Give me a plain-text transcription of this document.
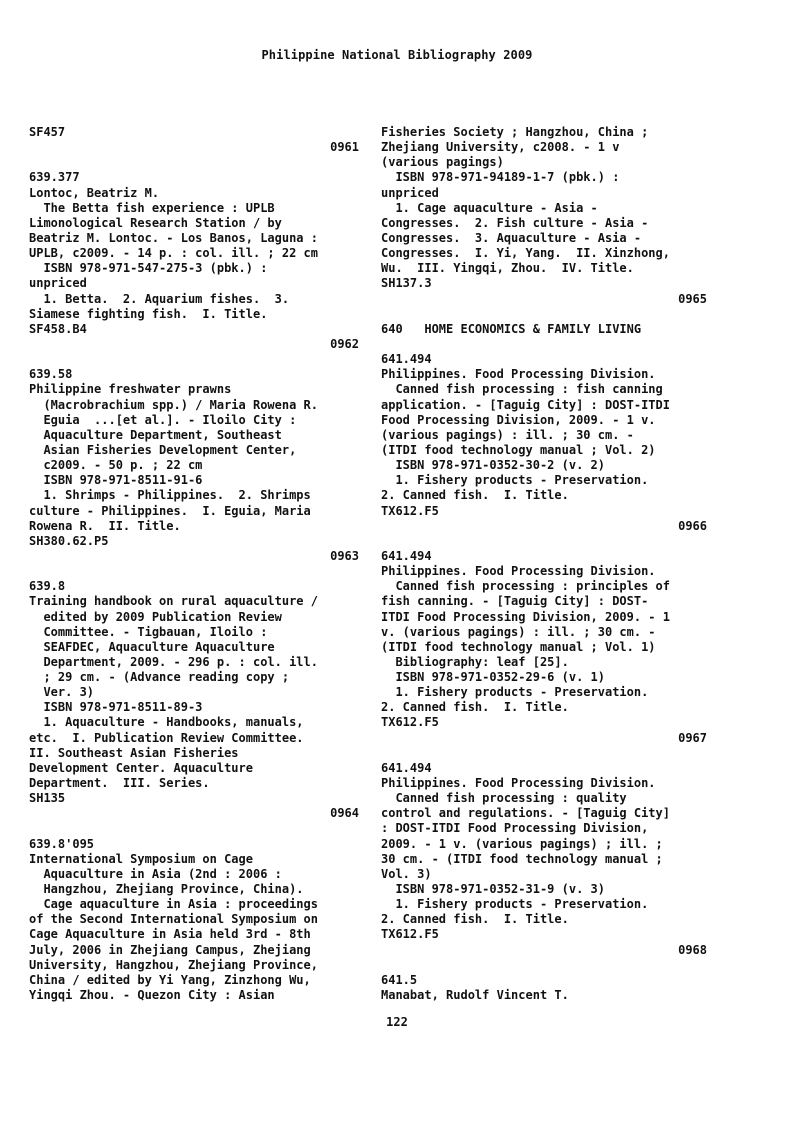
Philippine National Bibliography 2009
SF457
0961
639.377
Lontoc, Beatriz M.
The Betta fish experience : UPLB
Limonological Research Station / by
Beatriz M. Lontoc. - Los Banos, Laguna :
UPLB, c2009. - 14 p. : col. ill. ; 22 cm
ISBN 978-971-547-275-3 (pbk.) :
unpriced
1. Betta.  2. Aquarium fishes.  3.
Siamese fighting fish.  I. Title.
SF458.B4
0962
639.58
Philippine freshwater prawns
(Macrobrachium spp.) / Maria Rowena R.
Eguia  ...[et al.]. - Iloilo City :
Aquaculture Department, Southeast
Asian Fisheries Development Center,
c2009. - 50 p. ; 22 cm
ISBN 978-971-8511-91-6
1. Shrimps - Philippines.  2. Shrimps
culture - Philippines.  I. Eguia, Maria
Rowena R.  II. Title.
SH380.62.P5
0963
639.8
Training handbook on rural aquaculture /
edited by 2009 Publication Review
Committee. - Tigbauan, Iloilo :
SEAFDEC, Aquaculture Aquaculture
Department, 2009. - 296 p. : col. ill.
; 29 cm. - (Advance reading copy ;
Ver. 3)
ISBN 978-971-8511-89-3
1. Aquaculture - Handbooks, manuals,
etc.  I. Publication Review Committee.
II. Southeast Asian Fisheries
Development Center. Aquaculture
Department.  III. Series.
SH135
0964
639.8'095
International Symposium on Cage
Aquaculture in Asia (2nd : 2006 :
Hangzhou, Zhejiang Province, China).
Cage aquaculture in Asia : proceedings
of the Second International Symposium on
Cage Aquaculture in Asia held 3rd - 8th
July, 2006 in Zhejiang Campus, Zhejiang
University, Hangzhou, Zhejiang Province,
China / edited by Yi Yang, Zinzhong Wu,
Yingqi Zhou. - Quezon City : Asian
Fisheries Society ; Hangzhou, China ;
Zhejiang University, c2008. - 1 v
(various pagings)
ISBN 978-971-94189-1-7 (pbk.) :
unpriced
1. Cage aquaculture - Asia -
Congresses.  2. Fish culture - Asia -
Congresses.  3. Aquaculture - Asia -
Congresses.  I. Yi, Yang.  II. Xinzhong,
Wu.  III. Yingqi, Zhou.  IV. Title.
SH137.3
0965
640   HOME ECONOMICS & FAMILY LIVING
641.494
Philippines. Food Processing Division.
Canned fish processing : fish canning
application. - [Taguig City] : DOST-ITDI
Food Processing Division, 2009. - 1 v.
(various pagings) : ill. ; 30 cm. -
(ITDI food technology manual ; Vol. 2)
ISBN 978-971-0352-30-2 (v. 2)
1. Fishery products - Preservation.
2. Canned fish.  I. Title.
TX612.F5
0966
641.494
Philippines. Food Processing Division.
Canned fish processing : principles of
fish canning. - [Taguig City] : DOST-
ITDI Food Processing Division, 2009. - 1
v. (various pagings) : ill. ; 30 cm. -
(ITDI food technology manual ; Vol. 1)
Bibliography: leaf [25].
ISBN 978-971-0352-29-6 (v. 1)
1. Fishery products - Preservation.
2. Canned fish.  I. Title.
TX612.F5
0967
641.494
Philippines. Food Processing Division.
Canned fish processing : quality
control and regulations. - [Taguig City]
: DOST-ITDI Food Processing Division,
2009. - 1 v. (various pagings) ; ill. ;
30 cm. - (ITDI food technology manual ;
Vol. 3)
ISBN 978-971-0352-31-9 (v. 3)
1. Fishery products - Preservation.
2. Canned fish.  I. Title.
TX612.F5
0968
641.5
Manabat, Rudolf Vincent T.
122
